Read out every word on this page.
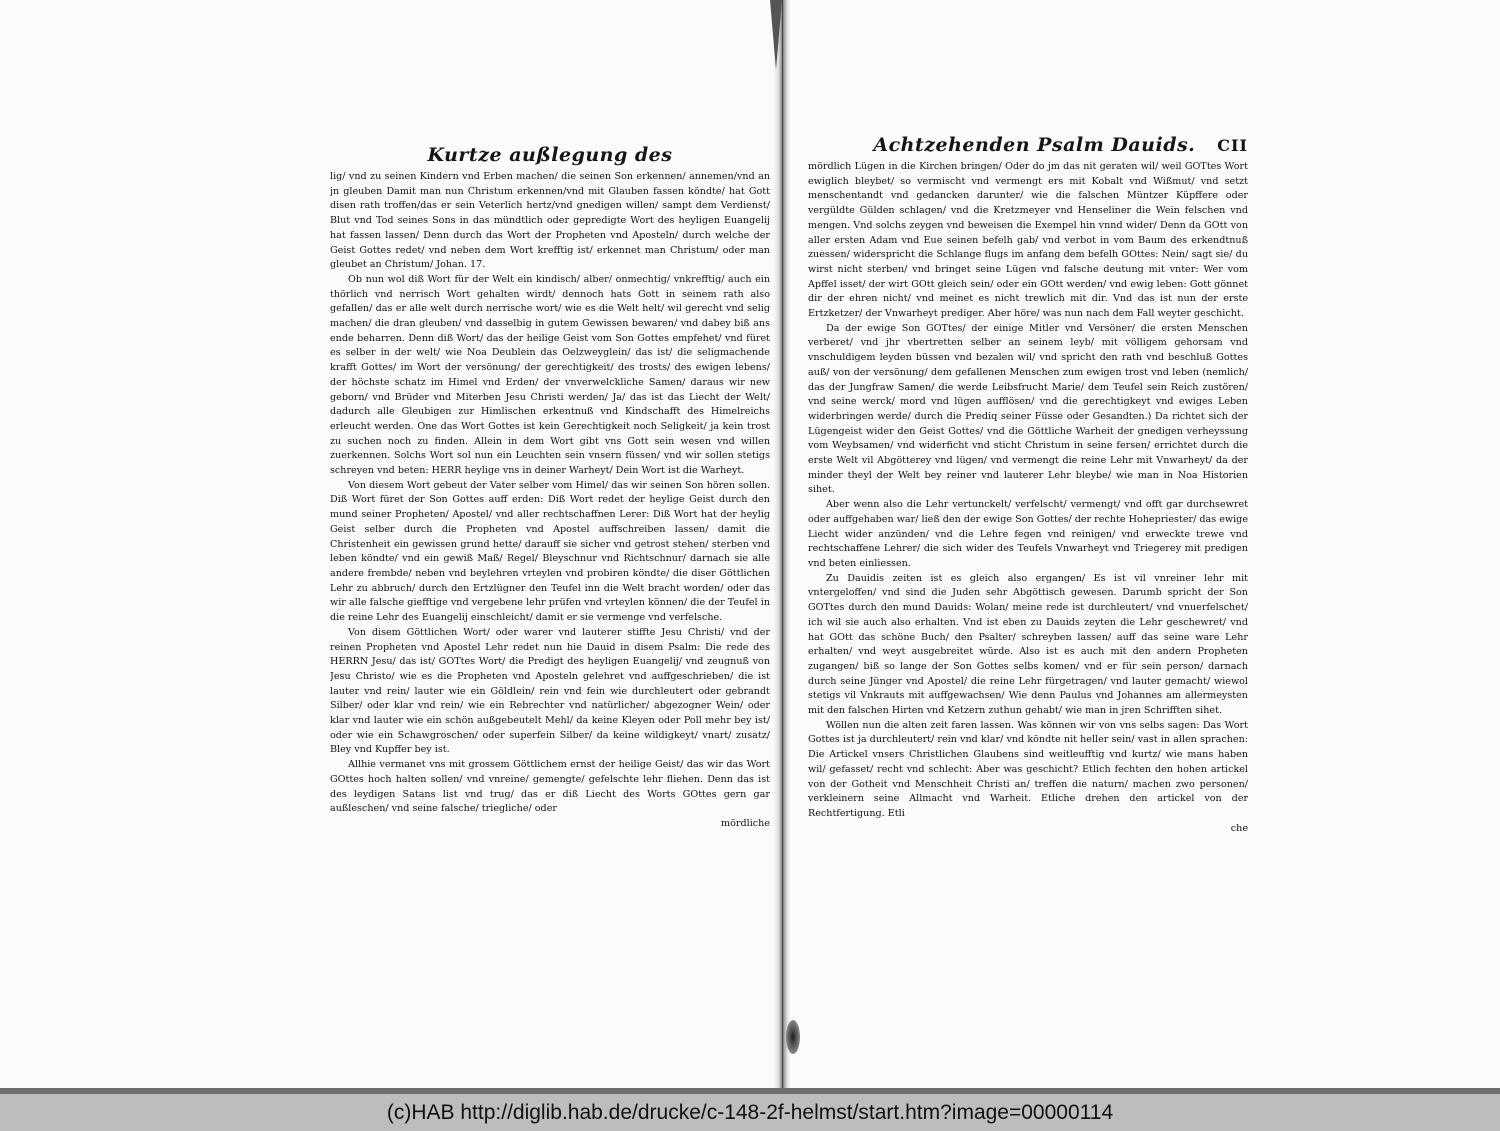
Kurtze außlegung des

lig/ vnd zu seinen Kindern vnd Erben machen/ die seinen Son erkennen/ annemen/vnd an jn gleuben Damit man nun Christum erkennen/vnd mit Glauben fassen köndte/ hat Gott disen rath troffen/das er sein Veterlich hertz/vnd gnedigen willen/ sampt dem Verdienst/ Blut vnd Tod seines Sons in das mündtlich oder gepredigte Wort des heyligen Euangelij hat fassen lassen/ Denn durch das Wort der Propheten vnd Aposteln/ durch welche der Geist Gottes redet/ vnd neben dem Wort krefftig ist/ erkennet man Christum/ oder man gleubet an Christum/ Johan. 17.

Ob nun wol diß Wort für der Welt ein kindisch/ alber/ onmechtig/ vnkrefftig/ auch ein thörlich vnd nerrisch Wort gehalten wirdt/ dennoch hats Gott in seinem rath also gefallen/ das er alle welt durch nerrische wort/ wie es die Welt helt/ wil gerecht vnd selig machen/ die dran gleuben/ vnd dasselbig in gutem Gewissen bewaren/ vnd dabey biß ans ende beharren. Denn diß Wort/ das der heilige Geist vom Son Gottes empfehet/ vnd füret es selber in der welt/ wie Noa Deublein das Oelzweyglein/ das ist/ die seligmachende krafft Gottes/ im Wort der versönung/ der gerechtigkeit/ des trosts/ des ewigen lebens/ der höchste schatz im Himel vnd Erden/ der vnverwelckliche Samen/ daraus wir new geborn/ vnd Brüder vnd Miterben Jesu Christi werden/ Ja/ das ist das Liecht der Welt/ dadurch alle Gleubigen zur Himlischen erkentnuß vnd Kindschafft des Himelreichs erleucht werden. One das Wort Gottes ist kein Gerechtigkeit noch Seligkeit/ ja kein trost zu suchen noch zu finden. Allein in dem Wort gibt vns Gott sein wesen vnd willen zuerkennen. Solchs Wort sol nun ein Leuchten sein vnsern füssen/ vnd wir sollen stetigs schreyen vnd beten: HERR heylige vns in deiner Warheyt/ Dein Wort ist die Warheyt.

Von diesem Wort gebeut der Vater selber vom Himel/ das wir seinen Son hören sollen. Diß Wort füret der Son Gottes auff erden: Diß Wort redet der heylige Geist durch den mund seiner Propheten/ Apostel/ vnd aller rechtschaffnen Lerer: Diß Wort hat der heylig Geist selber durch die Propheten vnd Apostel auffschreiben lassen/ damit die Christenheit ein gewissen grund hette/ darauff sie sicher vnd getrost stehen/ sterben vnd leben köndte/ vnd ein gewiß Maß/ Regel/ Bleyschnur vnd Richtschnur/ darnach sie alle andere frembde/ neben vnd beylehren vrteylen vnd probiren köndte/ die diser Göttlichen Lehr zu abbruch/ durch den Ertzlügner den Teufel inn die Welt bracht worden/ oder das wir alle falsche giefftige vnd vergebene lehr prüfen vnd vrteylen können/ die der Teufel in die reine Lehr des Euangelij einschleicht/ damit er sie vermenge vnd verfelsche.

Von disem Göttlichen Wort/ oder warer vnd lauterer stiffte Jesu Christi/ vnd der reinen Propheten vnd Apostel Lehr redet nun hie Dauid in disem Psalm: Die rede des HERRN Jesu/ das ist/ GOTtes Wort/ die Predigt des heyligen Euangelij/ vnd zeugnuß von Jesu Christo/ wie es die Propheten vnd Aposteln gelehret vnd auffgeschrieben/ die ist lauter vnd rein/ lauter wie ein Göldlein/ rein vnd fein wie durchleutert oder gebrandt Silber/ oder klar vnd rein/ wie ein Rebrechter vnd natürlicher/ abgezogner Wein/ oder klar vnd lauter wie ein schön außgebeutelt Mehl/ da keine Kleyen oder Poll mehr bey ist/ oder wie ein Schawgroschen/ oder superfein Silber/ da keine wildigkeyt/ vnart/ zusatz/ Bley vnd Kupffer bey ist.

Allhie vermanet vns mit grossem Göttlichem ernst der heilige Geist/ das wir das Wort GOttes hoch halten sollen/ vnd vnreine/ gemengte/ gefelschte lehr fliehen. Denn das ist des leydigen Satans list vnd trug/ das er diß Liecht des Worts GOttes gern gar außleschen/ vnd seine falsche/ triegliche/ oder

mördliche

Achtzehenden Psalm Dauids. CII

mördlich Lügen in die Kirchen bringen/ Oder do jm das nit geraten wil/ weil GOTtes Wort ewiglich bleybet/ so vermischt vnd vermengt ers mit Kobalt vnd Wißmut/ vnd setzt menschentandt vnd gedancken darunter/ wie die falschen Müntzer Küpffere oder vergüldte Gülden schlagen/ vnd die Kretzmeyer vnd Henseliner die Wein felschen vnd mengen. Vnd solchs zeygen vnd beweisen die Exempel hin vnnd wider/ Denn da GOtt von aller ersten Adam vnd Eue seinen befelh gab/ vnd verbot in vom Baum des erkendtnuß zuessen/ widerspricht die Schlange flugs im anfang dem befelh GOttes: Nein/ sagt sie/ du wirst nicht sterben/ vnd bringet seine Lügen vnd falsche deutung mit vnter: Wer vom Apffel isset/ der wirt GOtt gleich sein/ oder ein GOtt werden/ vnd ewig leben: Gott gönnet dir der ehren nicht/ vnd meinet es nicht trewlich mit dir. Vnd das ist nun der erste Ertzketzer/ der Vnwarheyt prediger. Aber höre/ was nun nach dem Fall weyter geschicht.

Da der ewige Son GOTtes/ der einige Mitler vnd Versöner/ die ersten Menschen verberet/ vnd jhr vbertretten selber an seinem leyb/ mit völligem gehorsam vnd vnschuldigem leyden büssen vnd bezalen wil/ vnd spricht den rath vnd beschluß Gottes auß/ von der versönung/ dem gefallenen Menschen zum ewigen trost vnd leben (nemlich/ das der Jungfraw Samen/ die werde Leibsfrucht Marie/ dem Teufel sein Reich zustören/ vnd seine werck/ mord vnd lügen aufflösen/ vnd die gerechtigkeyt vnd ewiges Leben widerbringen werde/ durch die Prediq seiner Füsse oder Gesandten.) Da richtet sich der Lügengeist wider den Geist Gottes/ vnd die Göttliche Warheit der gnedigen verheyssung vom Weybsamen/ vnd widerficht vnd sticht Christum in seine fersen/ errichtet durch die erste Welt vil Abgötterey vnd lügen/ vnd vermengt die reine Lehr mit Vnwarheyt/ da der minder theyl der Welt bey reiner vnd lauterer Lehr bleybe/ wie man in Noa Historien sihet.

Aber wenn also die Lehr vertunckelt/ verfelscht/ vermengt/ vnd offt gar durchsewret oder auffgehaben war/ ließ den der ewige Son Gottes/ der rechte Hohepriester/ das ewige Liecht wider anzünden/ vnd die Lehre fegen vnd reinigen/ vnd erweckte trewe vnd rechtschaffene Lehrer/ die sich wider des Teufels Vnwarheyt vnd Triegerey mit predigen vnd beten einliessen.

Zu Dauidis zeiten ist es gleich also ergangen/ Es ist vil vnreiner lehr mit vntergeloffen/ vnd sind die Juden sehr Abgöttisch gewesen. Darumb spricht der Son GOTtes durch den mund Dauids: Wolan/ meine rede ist durchleutert/ vnd vnuerfelschet/ ich wil sie auch also erhalten. Vnd ist eben zu Dauids zeyten die Lehr geschewret/ vnd hat GOtt das schöne Buch/ den Psalter/ schreyben lassen/ auff das seine ware Lehr erhalten/ vnd weyt ausgebreitet würde. Also ist es auch mit den andern Propheten zugangen/ biß so lange der Son Gottes selbs komen/ vnd er für sein person/ darnach durch seine Jünger vnd Apostel/ die reine Lehr fürgetragen/ vnd lauter gemacht/ wiewol stetigs vil Vnkrauts mit auffgewachsen/ Wie denn Paulus vnd Johannes am allermeysten mit den falschen Hirten vnd Ketzern zuthun gehabt/ wie man in jren Schrifften sihet.

Wöllen nun die alten zeit faren lassen. Was können wir von vns selbs sagen: Das Wort Gottes ist ja durchleutert/ rein vnd klar/ vnd köndte nit heller sein/ vast in allen sprachen: Die Artickel vnsers Christlichen Glaubens sind weitleufftig vnd kurtz/ wie mans haben wil/ gefasset/ recht vnd schlecht: Aber was geschicht? Etlich fechten den hohen artickel von der Gotheit vnd Menschheit Christi an/ treffen die naturn/ machen zwo personen/ verkleinern seine Allmacht vnd Warheit. Etliche drehen den artickel von der Rechtfertigung. Etli

che

(c)HAB http://diglib.hab.de/drucke/c-148-2f-helmst/start.htm?image=00000114
